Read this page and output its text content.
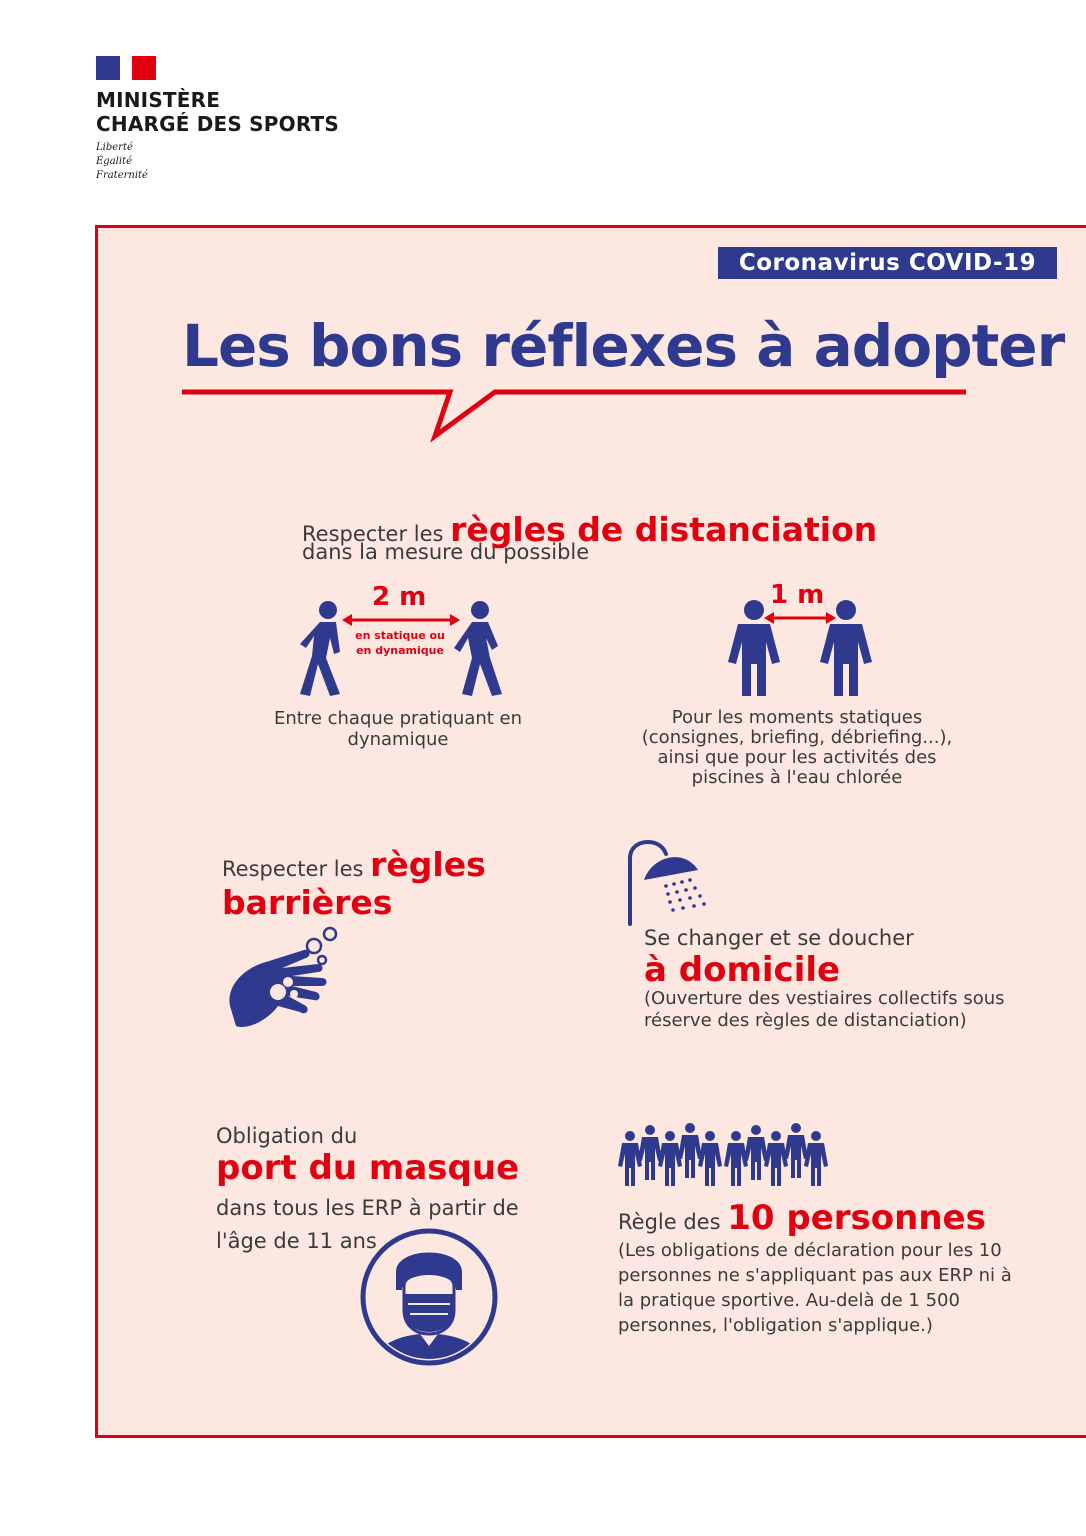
MINISTÈRE
CHARGÉ DES SPORTS
Liberté
Égalité
Fraternité
Coronavirus COVID-19
Les bons réflexes à adopter
Respecter les règles de distanciation
dans la mesure du possible
2 m
en statique ou
en dynamique
1 m
Entre chaque pratiquant en dynamique
Pour les moments statiques (consignes, briefing, débriefing...), ainsi que pour les activités des piscines à l'eau chlorée
Respecter les règles barrières
Se changer et se doucher
à domicile
(Ouverture des vestiaires collectifs sous réserve des règles de distanciation)
Obligation du
port du masque
dans tous les ERP à partir de l'âge de 11 ans
Règle des 10 personnes
(Les obligations de déclaration pour les 10 personnes ne s'appliquant pas aux ERP ni à la pratique sportive. Au-delà de 1 500 personnes, l'obligation s'applique.)
